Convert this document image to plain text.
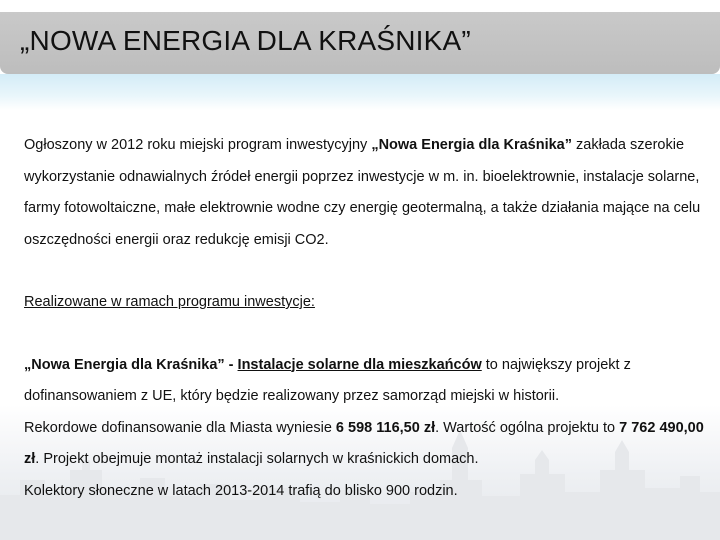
„NOWA ENERGIA DLA KRAŚNIKA”

Ogłoszony w 2012 roku miejski program inwestycyjny „Nowa Energia dla Kraśnika” zakłada szerokie wykorzystanie odnawialnych źródeł energii poprzez inwestycje w m. in. bioelektrownie, instalacje solarne, farmy fotowoltaiczne, małe elektrownie wodne czy energię geotermalną, a także działania mające na celu oszczędności energii oraz redukcję emisji CO2.

Realizowane w ramach programu inwestycje:

„Nowa Energia dla Kraśnika” - Instalacje solarne dla mieszkańców to największy projekt z dofinansowaniem z UE, który będzie realizowany przez samorząd miejski w historii.

Rekordowe dofinansowanie dla Miasta wyniesie 6 598 116,50 zł. Wartość ogólna projektu to 7 762 490,00 zł. Projekt obejmuje montaż instalacji solarnych w kraśnickich domach.

Kolektory słoneczne w latach 2013-2014 trafią do blisko 900 rodzin.
